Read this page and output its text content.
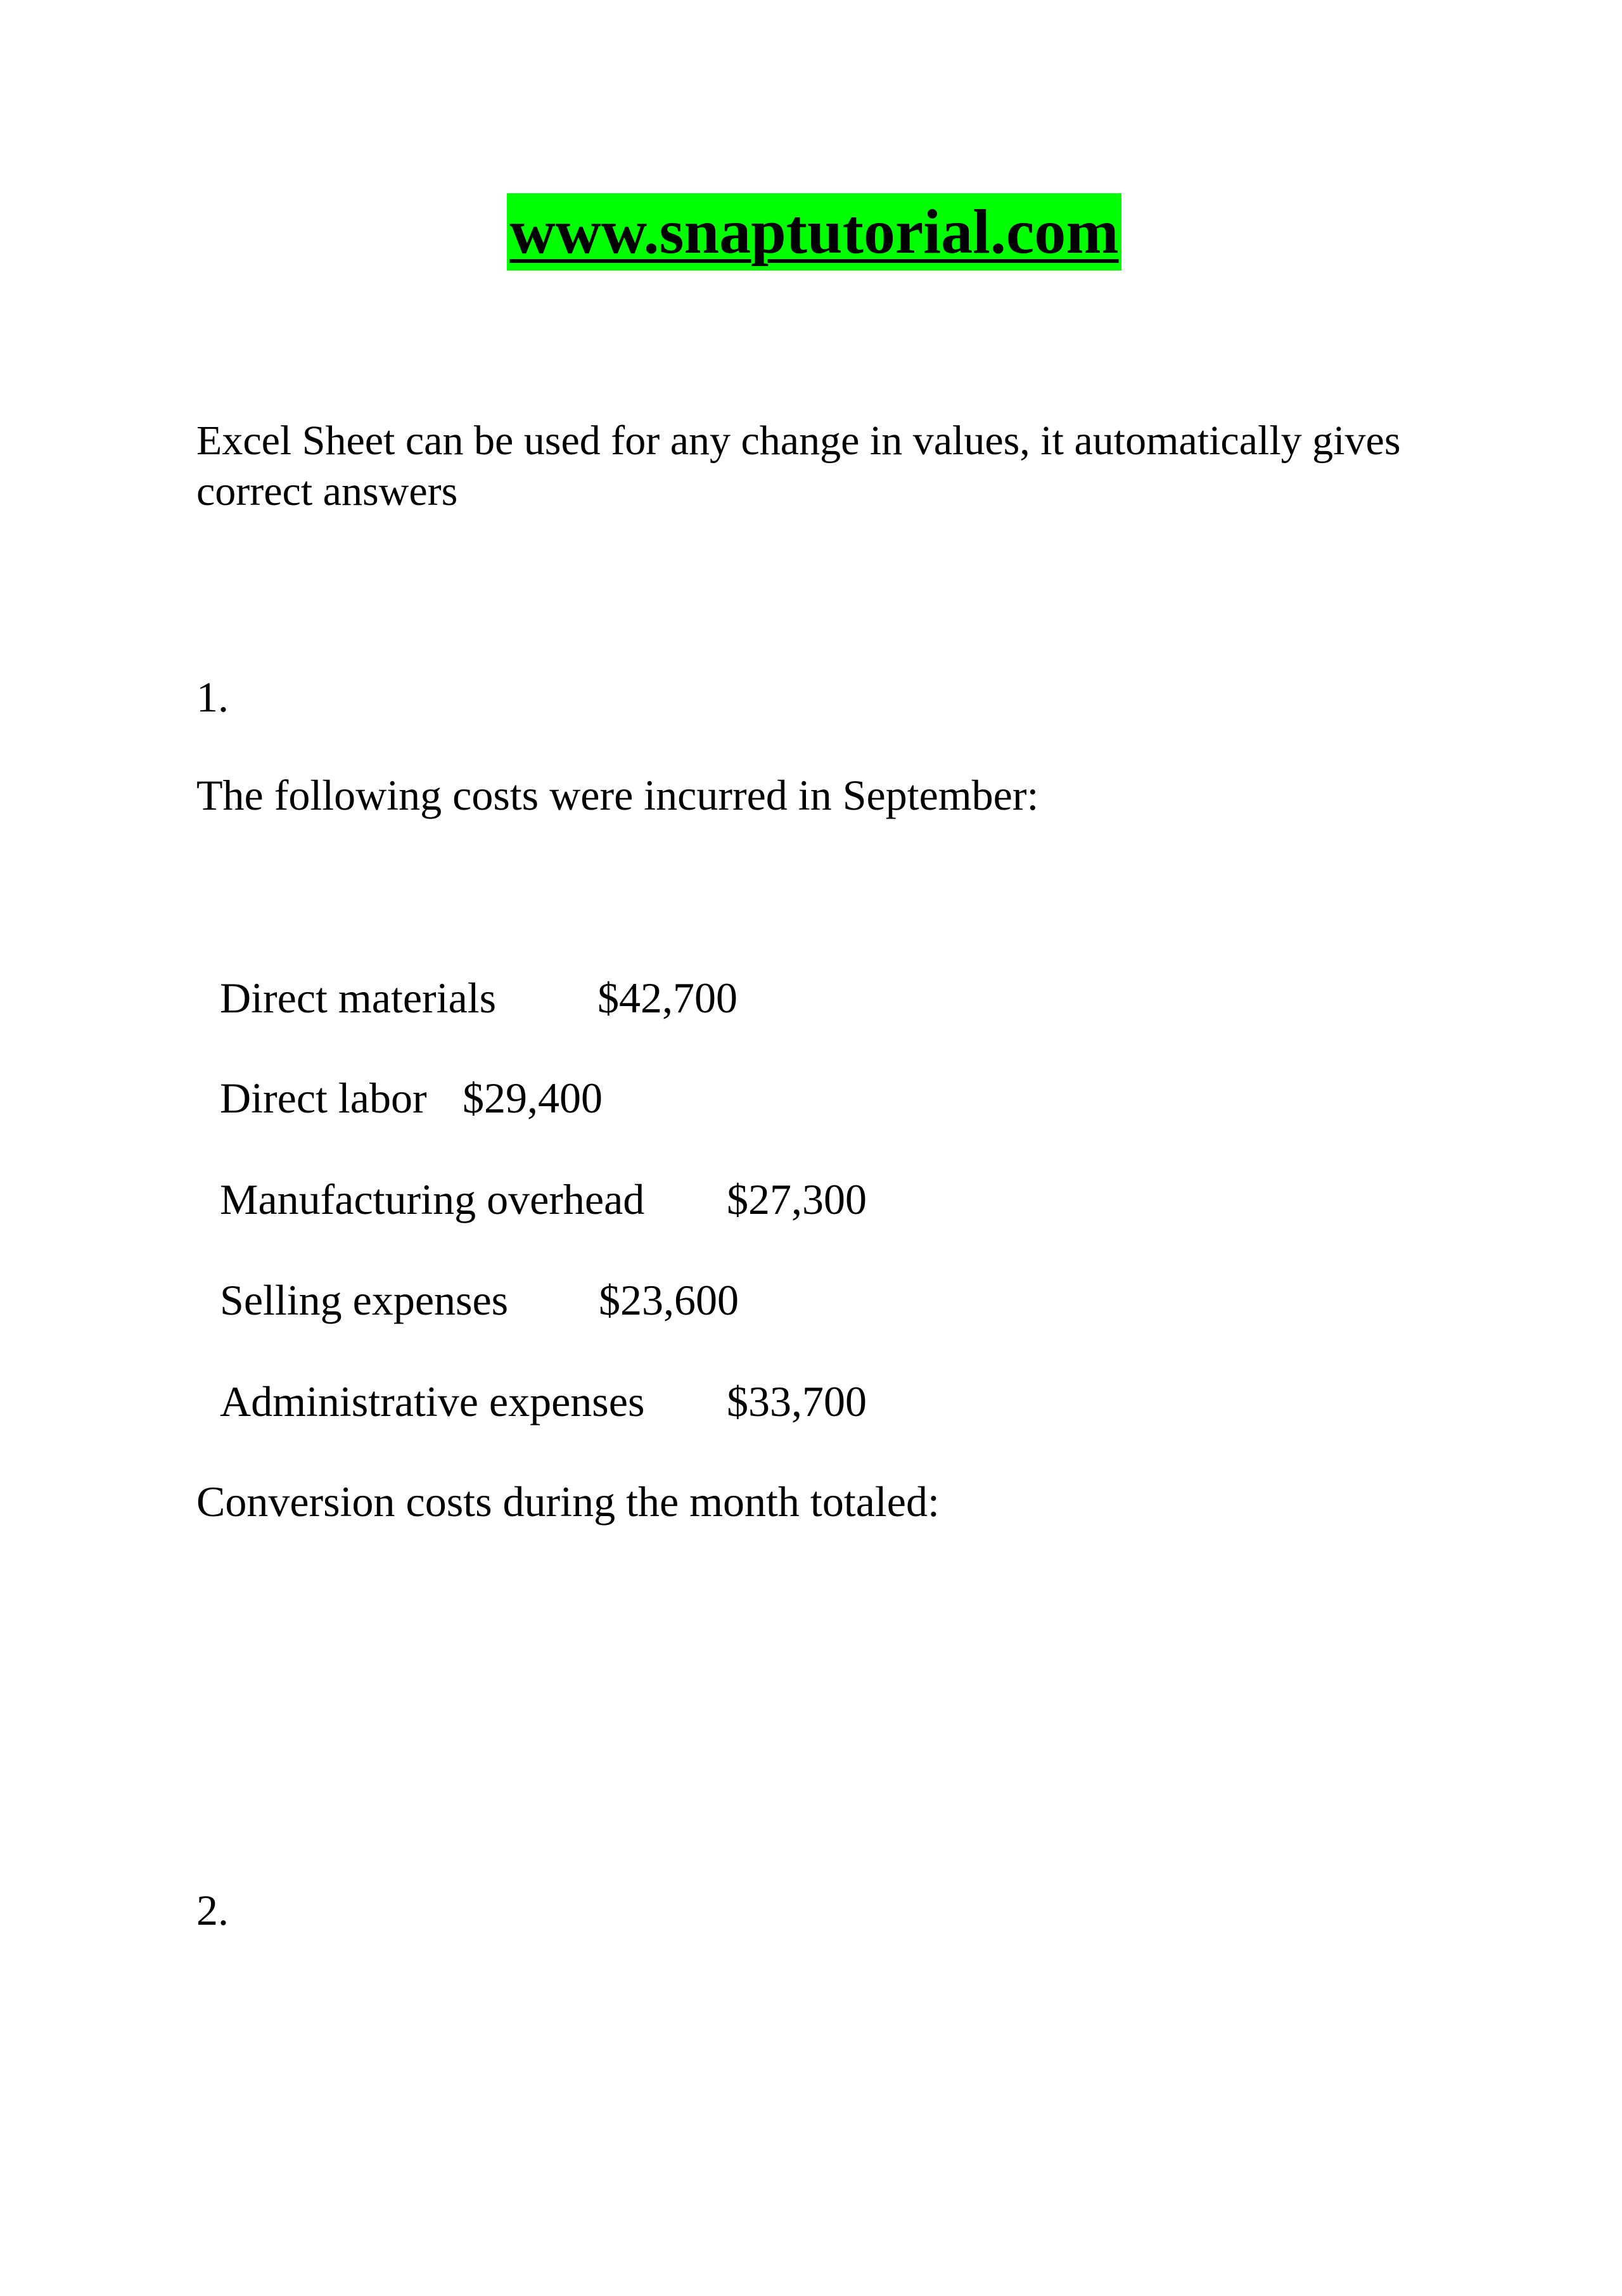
www.snaptutorial.com
Excel Sheet can be used for any change in values, it automatically gives correct answers
1.
The following costs were incurred in September:
Direct materials $42,700
Direct labor $29,400
Manufacturing overhead $27,300
Selling expenses $23,600
Administrative expenses $33,700
Conversion costs during the month totaled:
2.
